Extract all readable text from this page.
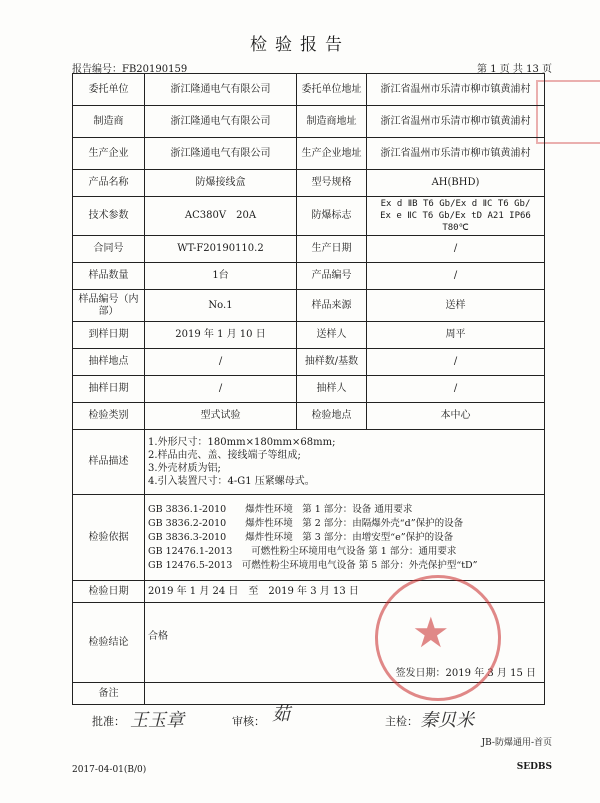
检验报告
报告编号：FB20190159	第 1 页 共 13 页
委托单位	浙江隆通电气有限公司	委托单位地址	浙江省温州市乐清市柳市镇黄浦村
制造商	浙江隆通电气有限公司	制造商地址	浙江省温州市乐清市柳市镇黄浦村
生产企业	浙江隆通电气有限公司	生产企业地址	浙江省温州市乐清市柳市镇黄浦村
产品名称	防爆接线盒	型号规格	AH(BHD)
技术参数	AC380V　20A	防爆标志	Ex d ⅡB T6 Gb/Ex d ⅡC T6 Gb/
Ex e ⅡC T6 Gb/Ex tD A21 IP66 T80℃

合同号	WT-F20190110.2	生产日期	/
样品数量	1台	产品编号	/
样品编号（内部）	No.1	样品来源	送样
到样日期	2019 年 1 月 10 日	送样人	周平
抽样地点	/	抽样数/基数	/
抽样日期	/	抽样人	/
检验类别	型式试验	检验地点	本中心
样品描述	1.外形尺寸：180mm×180mm×68mm;
2.样品由壳、盖、接线端子等组成;
3.外壳材质为铝;
4.引入装置尺寸：4-G1 压紧螺母式。		

检验依据	GB 3836.1-2010　　爆炸性环境　第 1 部分：设备 通用要求
GB 3836.2-2010　　爆炸性环境　第 2 部分：由隔爆外壳“d”保护的设备
GB 3836.3-2010　　爆炸性环境　第 3 部分：由增安型“e”保护的设备
GB 12476.1-2013　　可燃性粉尘环境用电气设备 第 1 部分：通用要求
GB 12476.5-2013　可燃性粉尘环境用电气设备 第 5 部分：外壳保护型“tD”		

检验日期	2019 年 1 月 24 日　至　2019 年 3 月 13 日		
检验结论	合格
签发日期：2019 年 3 月 15 日		

备注			
★
批准： 王玉章	审核： 茹	主检： 秦贝米
JB-防爆通用-首页
2017-04-01(B/0)	SEDBS
